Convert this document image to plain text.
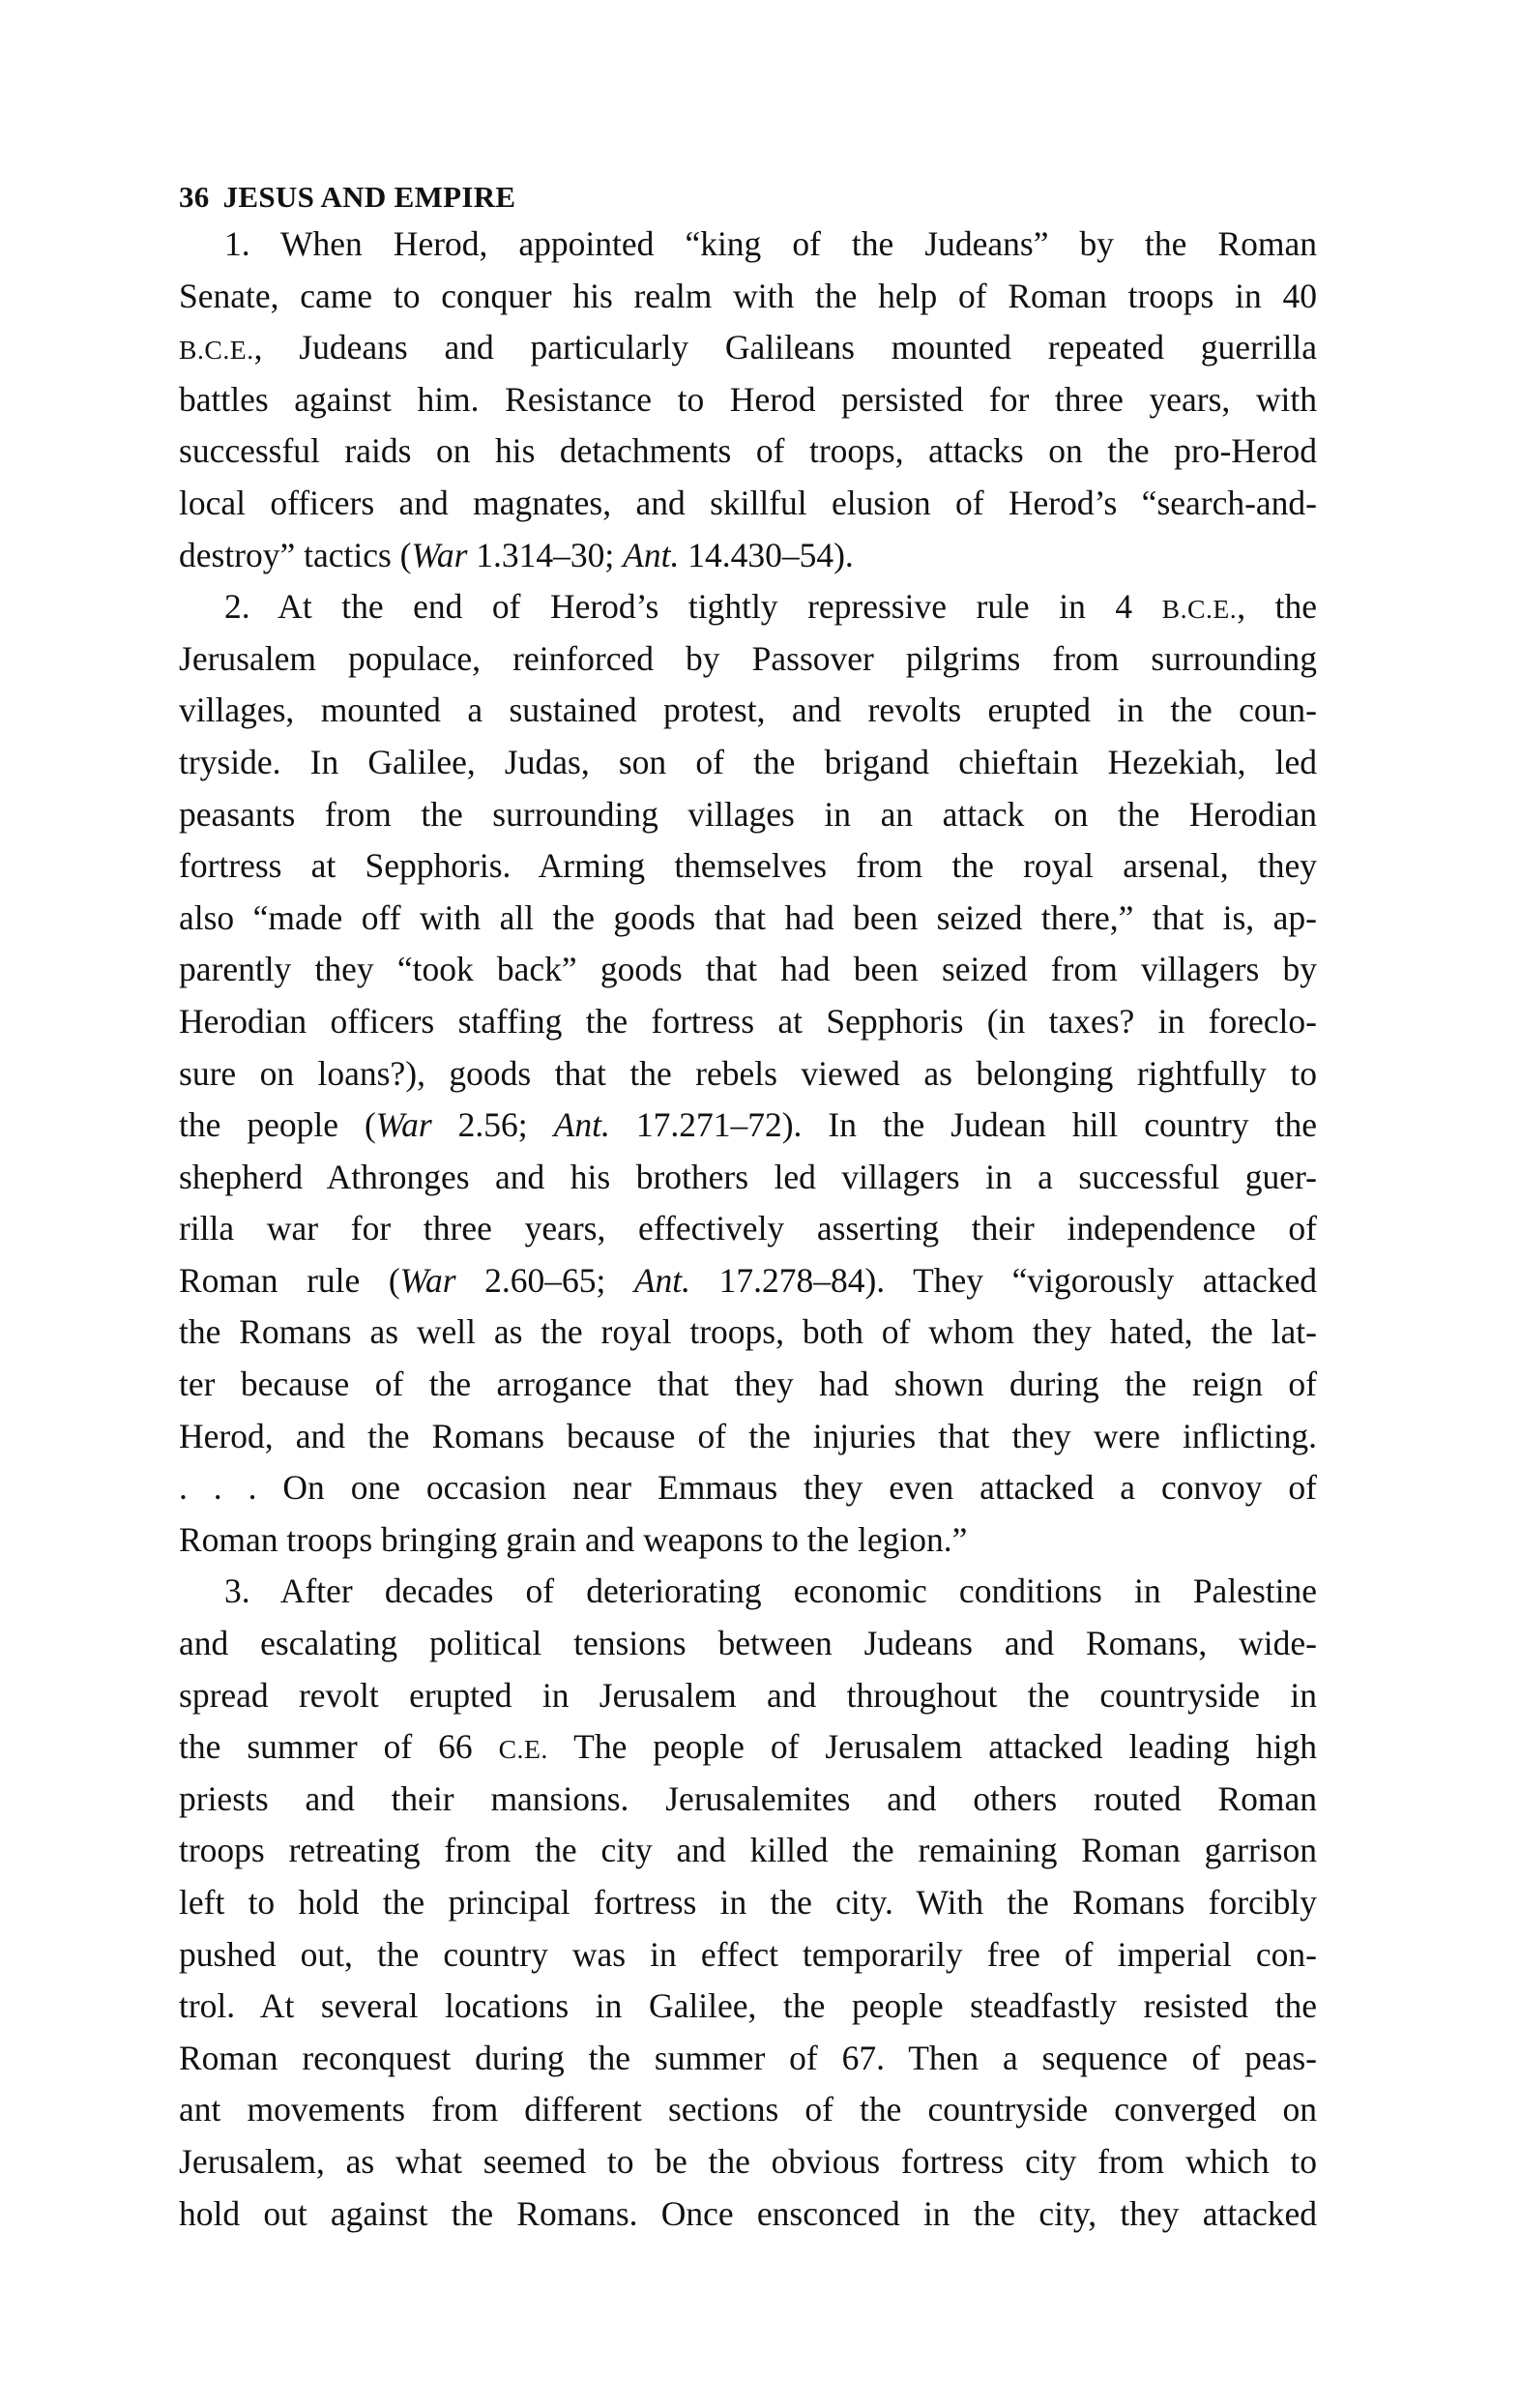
36 JESUS AND EMPIRE
1. When Herod, appointed “king of the Judeans” by the Roman
Senate, came to conquer his realm with the help of Roman troops in 40
B.C.E., Judeans and particularly Galileans mounted repeated guerrilla
battles against him. Resistance to Herod persisted for three years, with
successful raids on his detachments of troops, attacks on the pro-Herod
local officers and magnates, and skillful elusion of Herod’s “search-and-
destroy” tactics (War 1.314–30; Ant. 14.430–54).
2. At the end of Herod’s tightly repressive rule in 4 B.C.E., the
Jerusalem populace, reinforced by Passover pilgrims from surrounding
villages, mounted a sustained protest, and revolts erupted in the coun-
tryside. In Galilee, Judas, son of the brigand chieftain Hezekiah, led
peasants from the surrounding villages in an attack on the Herodian
fortress at Sepphoris. Arming themselves from the royal arsenal, they
also “made off with all the goods that had been seized there,” that is, ap-
parently they “took back” goods that had been seized from villagers by
Herodian officers staffing the fortress at Sepphoris (in taxes? in foreclo-
sure on loans?), goods that the rebels viewed as belonging rightfully to
the people (War 2.56; Ant. 17.271–72). In the Judean hill country the
shepherd Athronges and his brothers led villagers in a successful guer-
rilla war for three years, effectively asserting their independence of
Roman rule (War 2.60–65; Ant. 17.278–84). They “vigorously attacked
the Romans as well as the royal troops, both of whom they hated, the lat-
ter because of the arrogance that they had shown during the reign of
Herod, and the Romans because of the injuries that they were inflicting.
. . . On one occasion near Emmaus they even attacked a convoy of
Roman troops bringing grain and weapons to the legion.”
3. After decades of deteriorating economic conditions in Palestine
and escalating political tensions between Judeans and Romans, wide-
spread revolt erupted in Jerusalem and throughout the countryside in
the summer of 66 C.E. The people of Jerusalem attacked leading high
priests and their mansions. Jerusalemites and others routed Roman
troops retreating from the city and killed the remaining Roman garrison
left to hold the principal fortress in the city. With the Romans forcibly
pushed out, the country was in effect temporarily free of imperial con-
trol. At several locations in Galilee, the people steadfastly resisted the
Roman reconquest during the summer of 67. Then a sequence of peas-
ant movements from different sections of the countryside converged on
Jerusalem, as what seemed to be the obvious fortress city from which to
hold out against the Romans. Once ensconced in the city, they attacked
